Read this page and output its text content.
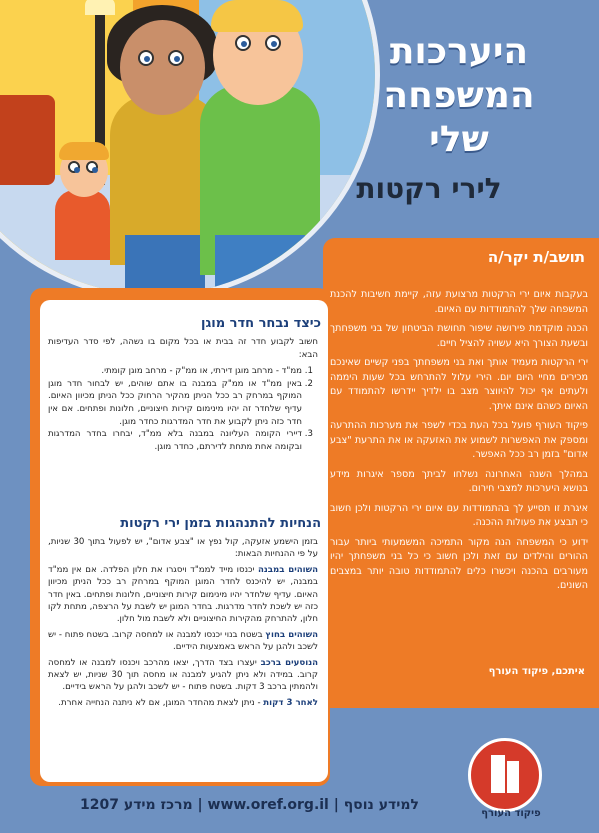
היערכות
המשפחה
שלי
לירי רקטות
תושב/ת יקר/ה

בעקבות איום ירי הרקטות מרצועת עזה, קיימת חשיבות להכנת המשפחה שלך להתמודדות עם האיום.

הכנה מוקדמת פירושה שיפור תחושת הביטחון של בני משפחתך ובשעת הצורך היא עשויה להציל חיים.

ירי הרקטות מעמיד אותך ואת בני משפחתך בפני קשיים שאינכם מכירים מחיי היום יום. הירי עלול להתרחש בכל שעות היממה ולעתים אף יכול להיווצר מצב בו ילדיך יידרשו להתמודד עם האיום כשהם אינם איתך.

פיקוד העורף פועל בכל העת בכדי לשפר את מערכות ההתרעה ומספק את האפשרות לשמוע את האזעקה או את התרעת "צבע אדום" בזמן רב ככל האפשר.

במהלך השנה האחרונה נשלחו לביתך מספר איגרות מידע בנושא היערכות למצבי חירום.

איגרת זו תסייע לך בהתמודדות עם איום ירי הרקטות ולכן חשוב כי תבצע את פעולות ההכנה.

ידוע כי המשפחה הנה מקור התמיכה המשמעותי ביותר עבור ההורים והילדים עם זאת ולכן חשוב כי כל בני משפחתך יהיו מעורבים בהכנה ויכשרו כלים להתמודדות טובה יותר במצבים השונים.

איתכם, פיקוד העורף
כיצד נבחר חדר מוגן

חשוב לקבוע חדר זה בבית או בכל מקום בו נשהה, לפי סדר העדיפות הבא:

1. ממ"ד - מרחב מוגן דירתי, או ממ"ק - מרחב מוגן קומתי.
2. באין ממ"ד או ממ"ק במבנה בו אתם שוהים, יש לבחור חדר מוגן המוקף במרחק רב ככל הניתן מהקיר הרחוק ככל הניתן מכיוון האיום. עדיף שלחדר זה יהיו מינימום קירות חיצוניים, חלונות ופתחים. אם אין חדר כזה ניתן לקבוע את חדר המדרגות כחדר מוגן.
3. דיירי הקומה העליונה במבנה בלא ממ"ד, יבחרו בחדר המדרגות ובקומה אחת מתחת לדירתם, כחדר מוגן.
הנחיות להתנהגות בזמן ירי רקטות

בזמן הישמע אזעקה, קול נפץ או "צבע אדום", יש לפעול בתוך 30 שניות, על פי ההנחיות הבאות:

השוהים במבנה יכנסו מייד לממ"ד ויסגרו את חלון הפלדה. אם אין ממ"ד במבנה, יש להיכנס לחדר המוגן המוקף במרחק רב ככל הניתן מכיוון האיום. עדיף שלחדר יהיו מינימום קירות חיצוניים, חלונות ופתחים. באין חדר כזה יש לשכת לחדר מדרגות. בחדר המוגן יש לשבת על הרצפה, מתחת לקו חלון, להתרחק מהקירות החיצוניים ולא לשבת מול חלון.

השוהים בחוץ בשטח בנוי יכנסו למבנה או למחסה קרוב. בשטח פתוח - יש לשכב ולהגן על הראש באמצעות הידיים.

הנוסעים ברכב יעצרו בצד הדרך, יצאו מהרכב ויכנסו למבנה או למחסה קרוב. במידה ולא ניתן להגיע למבנה או מחסה תוך 30 שניות, יש לצאת ולהמתין ברכב 3 דקות. בשטח פתוח - יש לשכב ולהגן על הראש בידיים.

לאחר 3 דקות - ניתן לצאת מהחדר המוגן, אם לא ניתנה הנחייה אחרת.

למידע נוסף | www.oref.org.il | מרכז מידע 1207
פיקוד העורף
